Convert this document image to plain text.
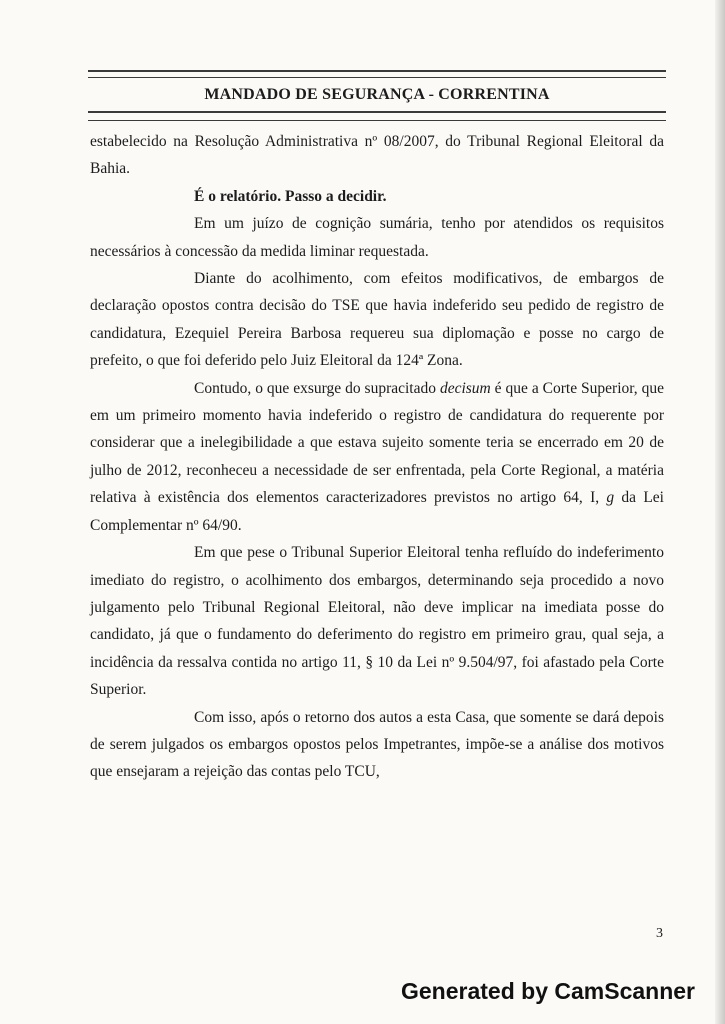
MANDADO DE SEGURANÇA - CORRENTINA

estabelecido na Resolução Administrativa nº 08/2007, do Tribunal Regional Eleitoral da Bahia.

É o relatório. Passo a decidir.

Em um juízo de cognição sumária, tenho por atendidos os requisitos necessários à concessão da medida liminar requestada.

Diante do acolhimento, com efeitos modificativos, de embargos de declaração opostos contra decisão do TSE que havia indeferido seu pedido de registro de candidatura, Ezequiel Pereira Barbosa requereu sua diplomação e posse no cargo de prefeito, o que foi deferido pelo Juiz Eleitoral da 124ª Zona.

Contudo, o que exsurge do supracitado decisum é que a Corte Superior, que em um primeiro momento havia indeferido o registro de candidatura do requerente por considerar que a inelegibilidade a que estava sujeito somente teria se encerrado em 20 de julho de 2012, reconheceu a necessidade de ser enfrentada, pela Corte Regional, a matéria relativa à existência dos elementos caracterizadores previstos no artigo 64, I, g da Lei Complementar nº 64/90.

Em que pese o Tribunal Superior Eleitoral tenha refluído do indeferimento imediato do registro, o acolhimento dos embargos, determinando seja procedido a novo julgamento pelo Tribunal Regional Eleitoral, não deve implicar na imediata posse do candidato, já que o fundamento do deferimento do registro em primeiro grau, qual seja, a incidência da ressalva contida no artigo 11, § 10 da Lei nº 9.504/97, foi afastado pela Corte Superior.

Com isso, após o retorno dos autos a esta Casa, que somente se dará depois de serem julgados os embargos opostos pelos Impetrantes, impõe-se a análise dos motivos que ensejaram a rejeição das contas pelo TCU,

3
Generated by CamScanner
